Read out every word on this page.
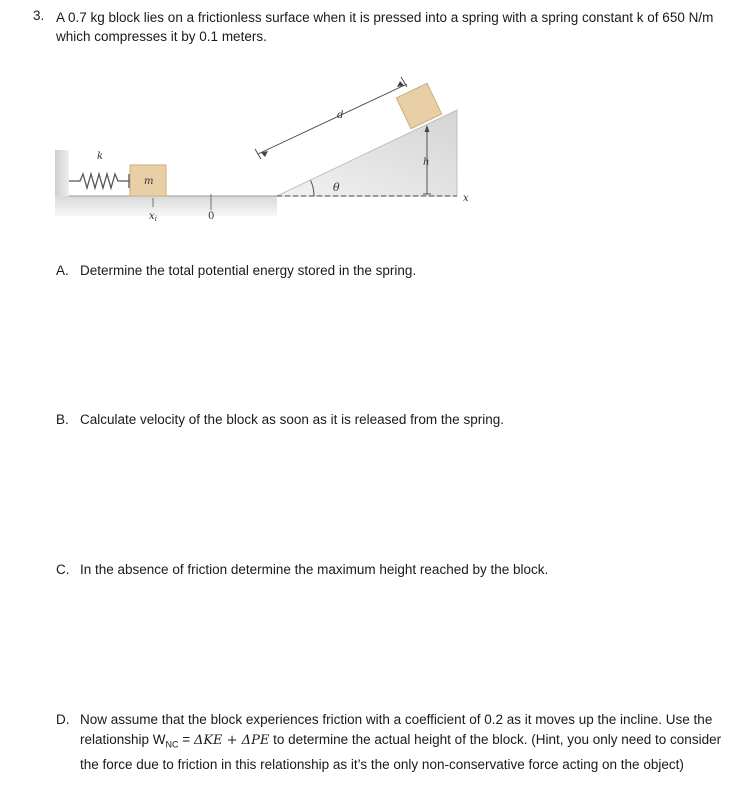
3. A 0.7 kg block lies on a frictionless surface when it is pressed into a spring with a spring constant k of 650 N/m which compresses it by 0.1 meters.
k
m
$x_i$	0
d
θ
h
x
A. Determine the total potential energy stored in the spring.
B. Calculate velocity of the block as soon as it is released from the spring.
C. In the absence of friction determine the maximum height reached by the block.
D. Now assume that the block experiences friction with a coefficient of 0.2 as it moves up the incline. Use the relationship $W_{NC} = \Delta KE + \Delta PE$ to determine the actual height of the block. (Hint, you only need to consider the force due to friction in this relationship as it’s the only non-conservative force acting on the object)
